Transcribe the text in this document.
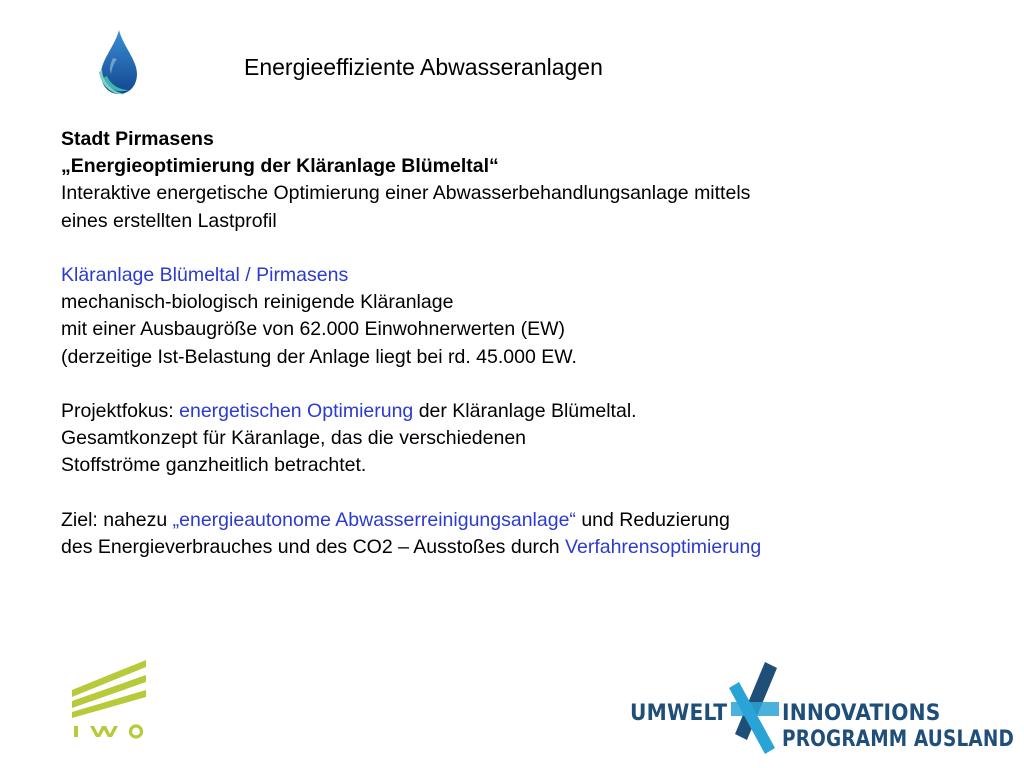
Energieeffiziente Abwasseranlagen

Stadt Pirmasens

„Energieoptimierung der Kläranlage Blümeltal“

Interaktive energetische Optimierung einer Abwasserbehandlungsanlage mittels

eines erstellten Lastprofil

Kläranlage Blümeltal / Pirmasens

mechanisch-biologisch reinigende Kläranlage

mit einer Ausbaugröße von 62.000 Einwohnerwerten (EW)

(derzeitige Ist-Belastung der Anlage liegt bei rd. 45.000 EW.

Projektfokus: energetischen Optimierung der Kläranlage Blümeltal.

Gesamtkonzept für Käranlage, das die verschiedenen

Stoffströme ganzheitlich betrachtet.

Ziel: nahezu „energieautonome Abwasserreinigungsanlage“ und Reduzierung

des Energieverbrauches und des CO2 – Ausstoßes durch Verfahrensoptimierung

UMWELT INNOVATIONS
PROGRAMM AUSLAND
